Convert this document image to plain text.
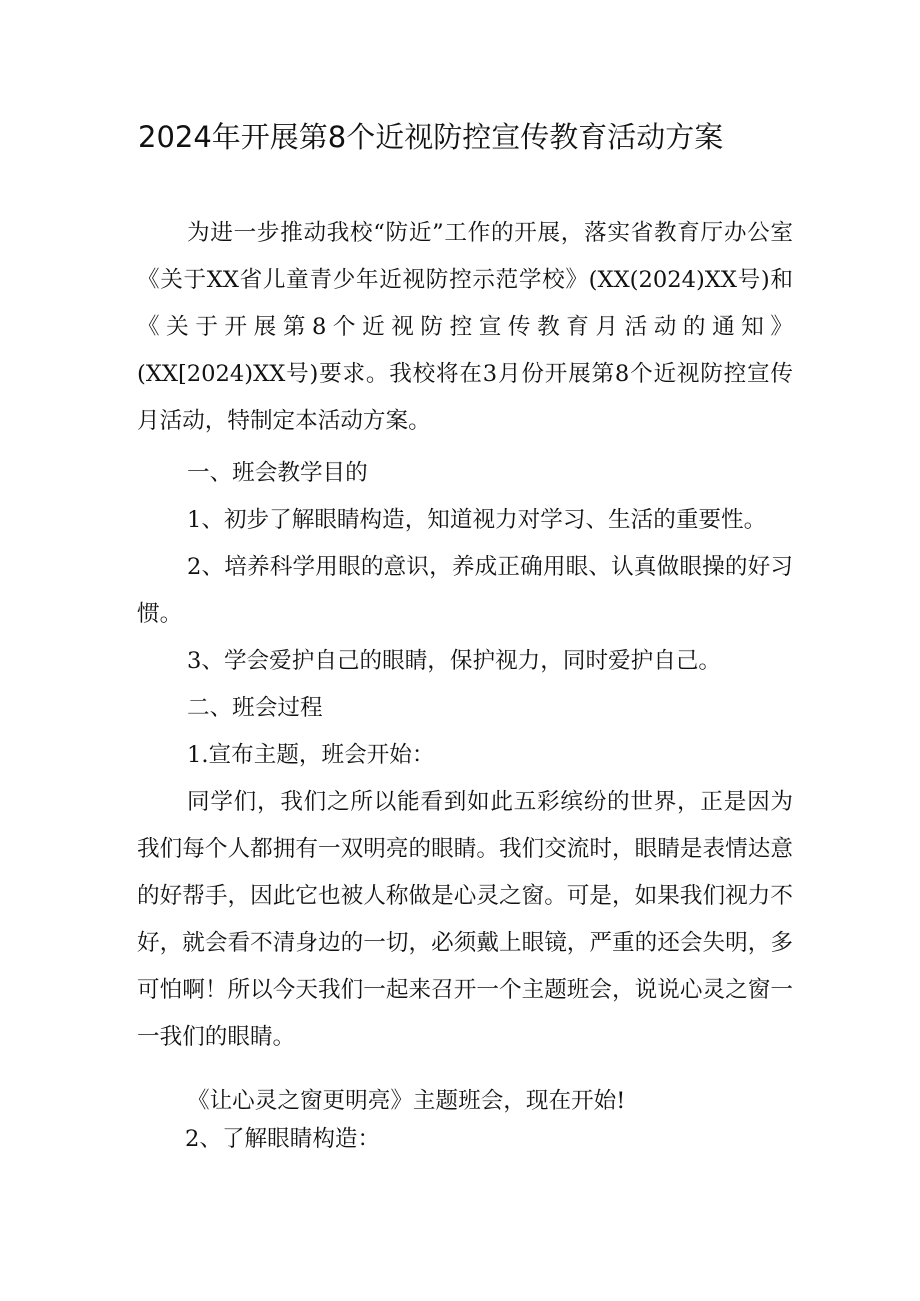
2024年开展第8个近视防控宣传教育活动方案

为进一步推动我校“防近”工作的开展，落实省教育厅办公室《关于XX省儿童青少年近视防控示范学校》(XX(2024)XX号)和《关于开展第8个近视防控宣传教育月活动的通知》(XX[2024)XX号)要求。我校将在3月份开展第8个近视防控宣传月活动，特制定本活动方案。

一、班会教学目的

1、初步了解眼睛构造，知道视力对学习、生活的重要性。

2、培养科学用眼的意识，养成正确用眼、认真做眼操的好习惯。

3、学会爱护自己的眼睛，保护视力，同时爱护自己。

二、班会过程

1.宣布主题，班会开始：

同学们，我们之所以能看到如此五彩缤纷的世界，正是因为我们每个人都拥有一双明亮的眼睛。我们交流时，眼睛是表情达意的好帮手，因此它也被人称做是心灵之窗。可是，如果我们视力不好，就会看不清身边的一切，必须戴上眼镜，严重的还会失明，多可怕啊！所以今天我们一起来召开一个主题班会，说说心灵之窗一一我们的眼睛。

《让心灵之窗更明亮》主题班会，现在开始!

2、了解眼睛构造：
